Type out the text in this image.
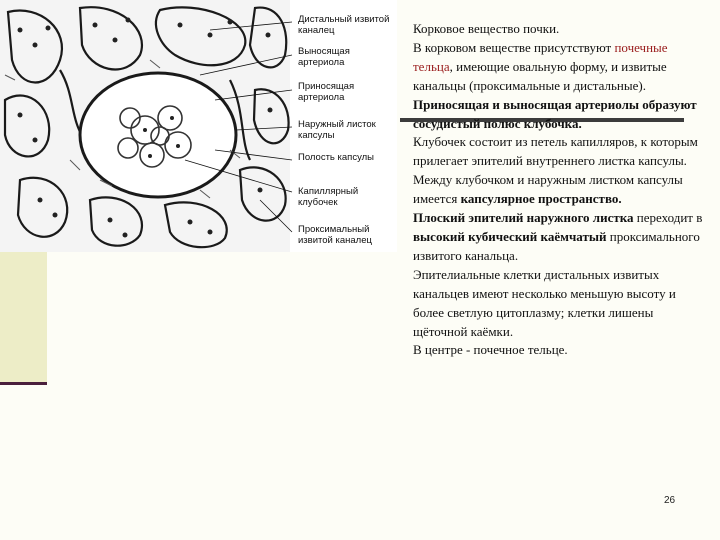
Дистальный извитой каналец
Выносящая артериола
Приносящая артериола
Наружный листок капсулы
Полость капсулы
Капиллярный клубочек
Проксимальный извитой каналец

Корковое вещество почки.

В корковом веществе присутствуют почечные тельца, имеющие овальную форму, и извитые канальцы (проксимальные и дистальные).

Приносящая и выносящая артериолы образуют сосудистый полюс клубочка.

Клубочек состоит из петель капилляров, к которым прилегает эпителий внутреннего листка капсулы.

Между клубочком и наружным листком капсулы имеется капсулярное пространство.

Плоский эпителий наружного листка переходит в высокий кубический каёмчатый проксимального извитого канальца.

Эпителиальные клетки дистальных извитых канальцев имеют несколько меньшую высоту и более светлую цитоплазму; клетки лишены щёточной каёмки.

В центре - почечное тельце.

26
